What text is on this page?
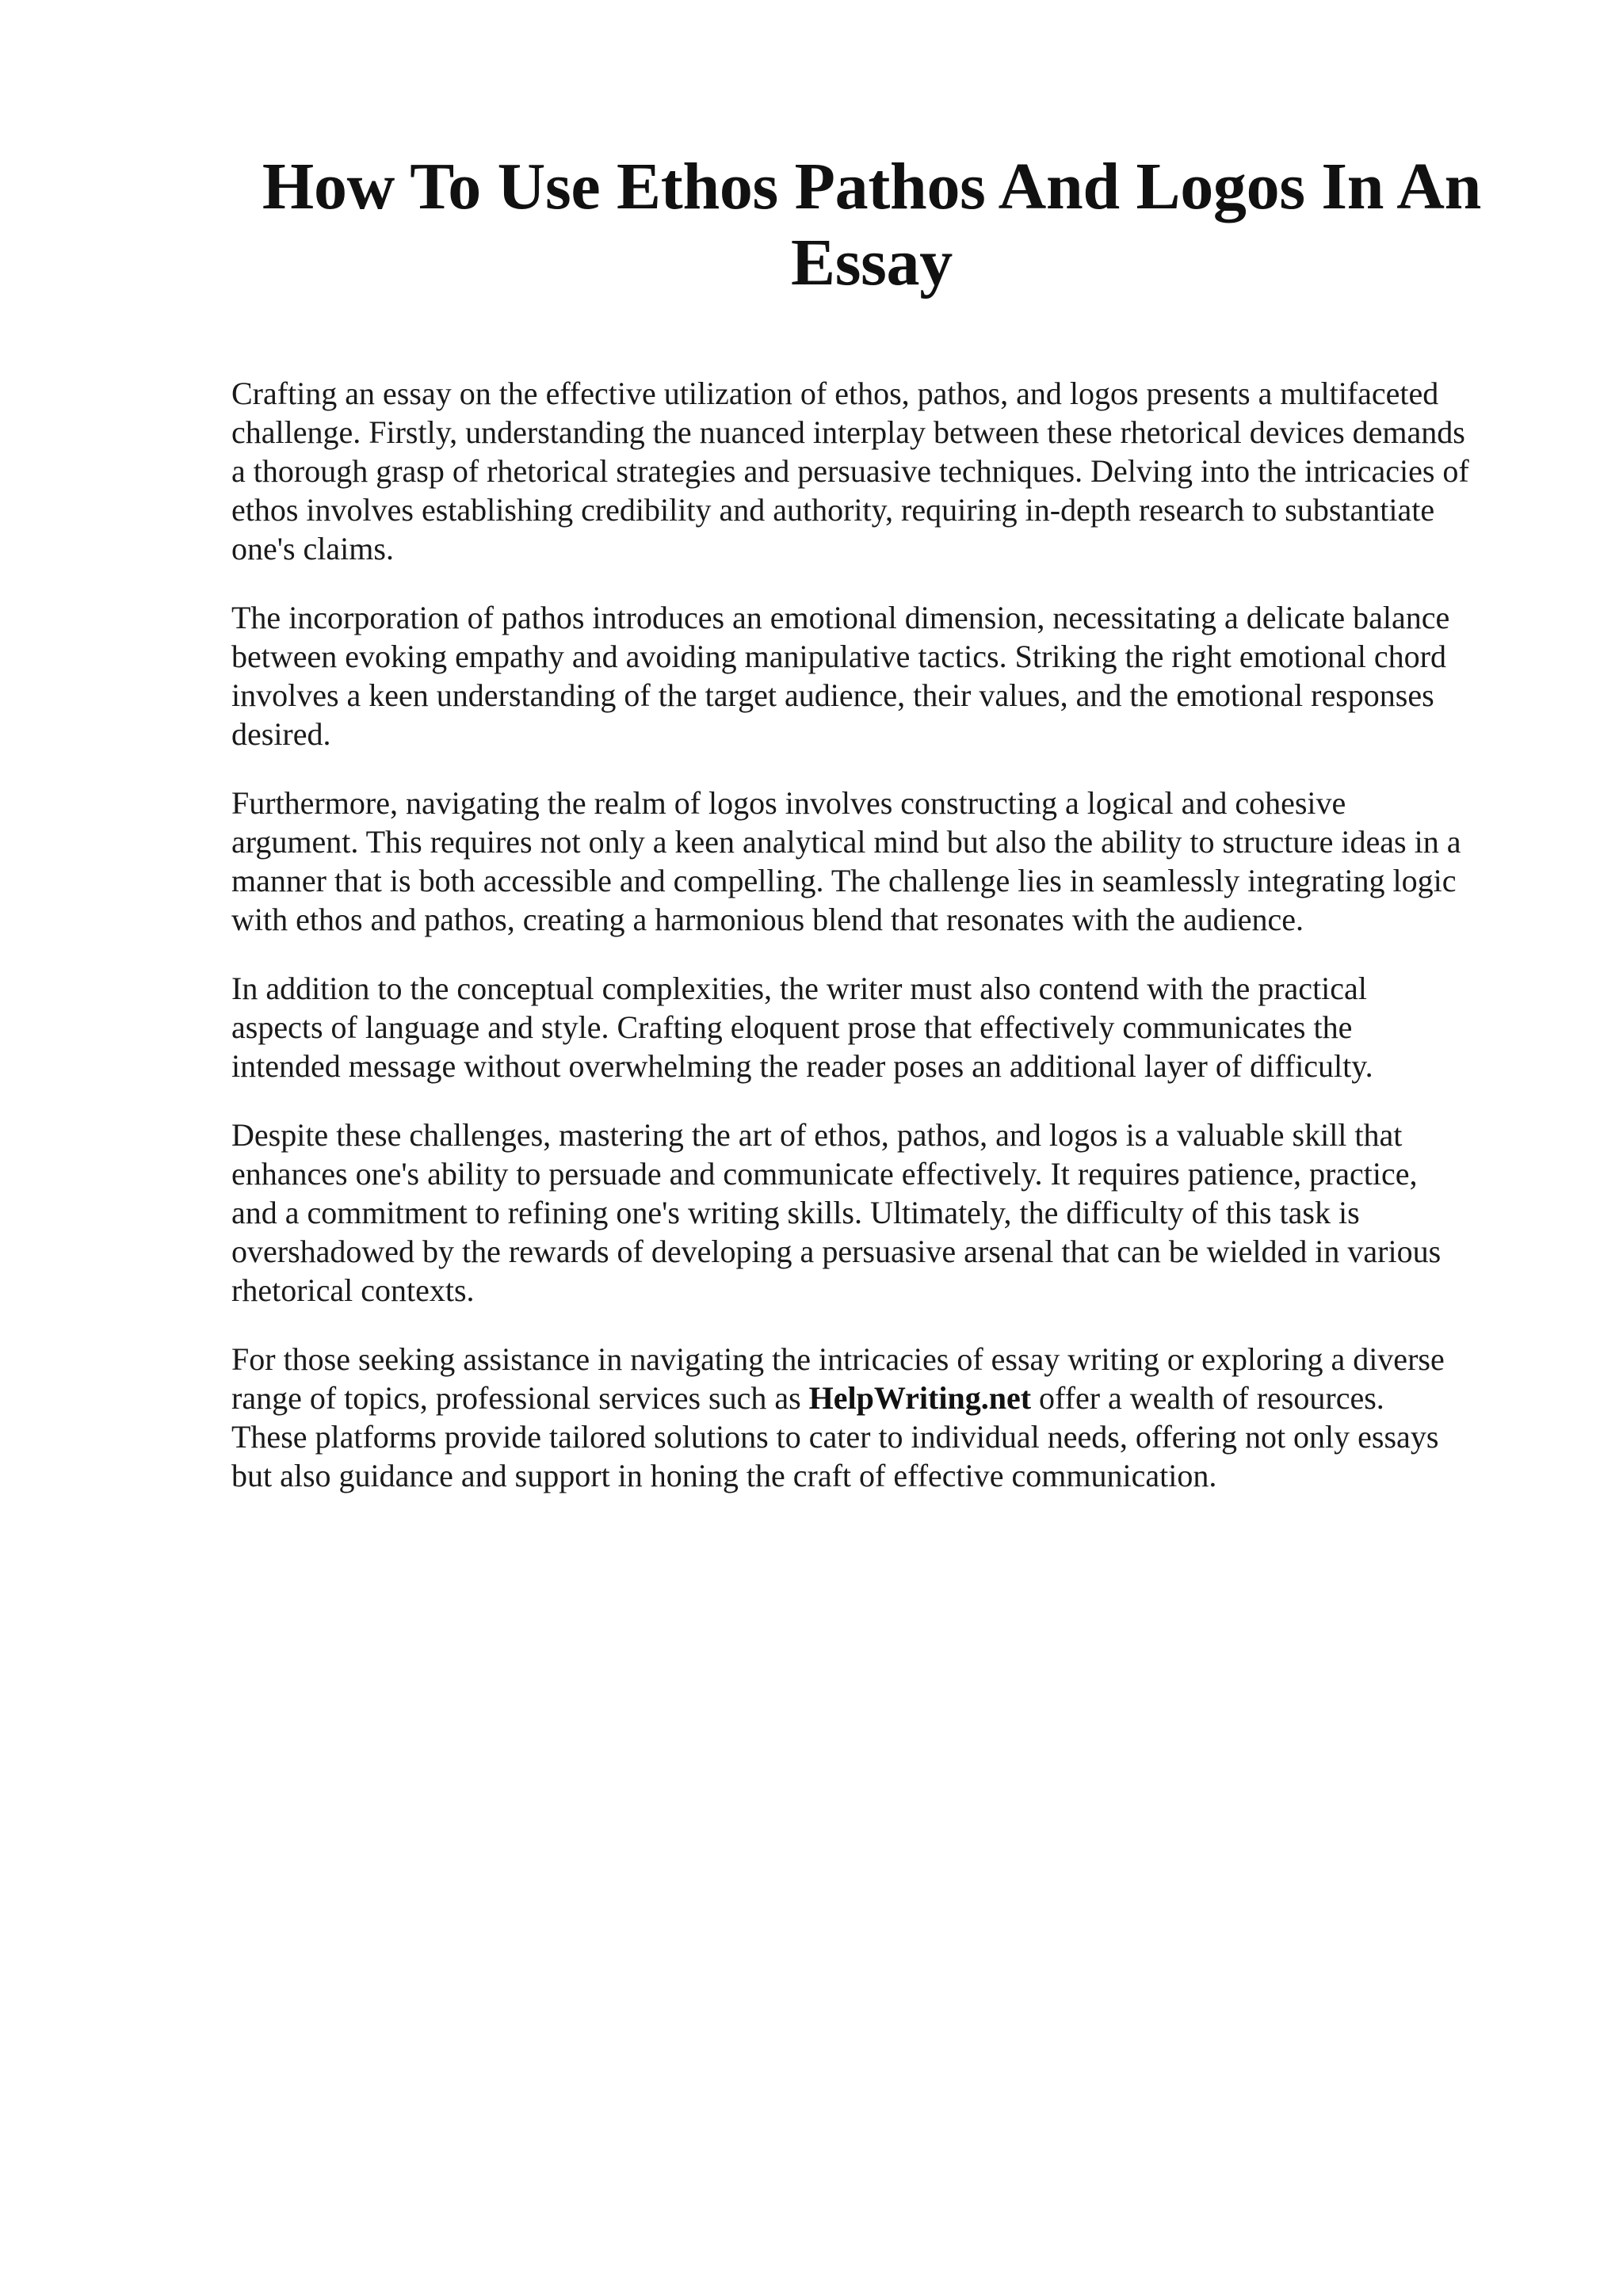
How To Use Ethos Pathos And Logos In An
Essay

Crafting an essay on the effective utilization of ethos, pathos, and logos presents a multifaceted
challenge. Firstly, understanding the nuanced interplay between these rhetorical devices demands
a thorough grasp of rhetorical strategies and persuasive techniques. Delving into the intricacies of
ethos involves establishing credibility and authority, requiring in-depth research to substantiate
one's claims.

The incorporation of pathos introduces an emotional dimension, necessitating a delicate balance
between evoking empathy and avoiding manipulative tactics. Striking the right emotional chord
involves a keen understanding of the target audience, their values, and the emotional responses
desired.

Furthermore, navigating the realm of logos involves constructing a logical and cohesive
argument. This requires not only a keen analytical mind but also the ability to structure ideas in a
manner that is both accessible and compelling. The challenge lies in seamlessly integrating logic
with ethos and pathos, creating a harmonious blend that resonates with the audience.

In addition to the conceptual complexities, the writer must also contend with the practical
aspects of language and style. Crafting eloquent prose that effectively communicates the
intended message without overwhelming the reader poses an additional layer of difficulty.

Despite these challenges, mastering the art of ethos, pathos, and logos is a valuable skill that
enhances one's ability to persuade and communicate effectively. It requires patience, practice,
and a commitment to refining one's writing skills. Ultimately, the difficulty of this task is
overshadowed by the rewards of developing a persuasive arsenal that can be wielded in various
rhetorical contexts.

For those seeking assistance in navigating the intricacies of essay writing or exploring a diverse
range of topics, professional services such as HelpWriting.net offer a wealth of resources.
These platforms provide tailored solutions to cater to individual needs, offering not only essays
but also guidance and support in honing the craft of effective communication.
